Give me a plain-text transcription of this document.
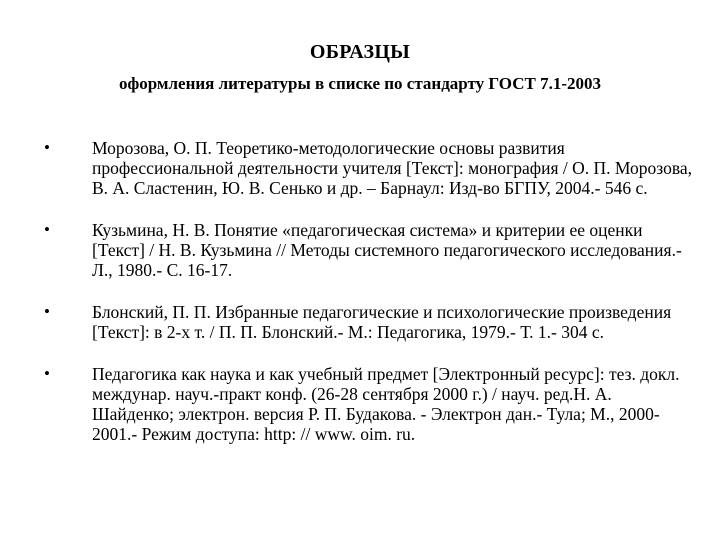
ОБРАЗЦЫ
оформления литературы в списке по стандарту ГОСТ 7.1-2003
• Морозова, О. П. Теоретико-методологические основы развития профессиональной деятельности учителя [Текст]: монография / О. П. Морозова, В. А. Сластенин, Ю. В. Сенько и др. – Барнаул: Изд-во БГПУ, 2004.- 546 с.
• Кузьмина, Н. В. Понятие «педагогическая система» и критерии ее оценки [Текст] / Н. В. Кузьмина // Методы системного педагогического исследования.- Л., 1980.- С. 16-17.
• Блонский, П. П. Избранные педагогические и психологические произведения [Текст]: в 2-х т. / П. П. Блонский.- М.: Педагогика, 1979.- Т. 1.- 304 с.
• Педагогика как наука и как учебный предмет [Электронный ресурс]: тез. докл. междунар. науч.-практ конф. (26-28 сентября 2000 г.) / науч. ред.Н. А. Шайденко; электрон. версия Р. П. Будакова. - Электрон дан.- Тула; М., 2000-2001.- Режим доступа: http: // www. oim. ru.
